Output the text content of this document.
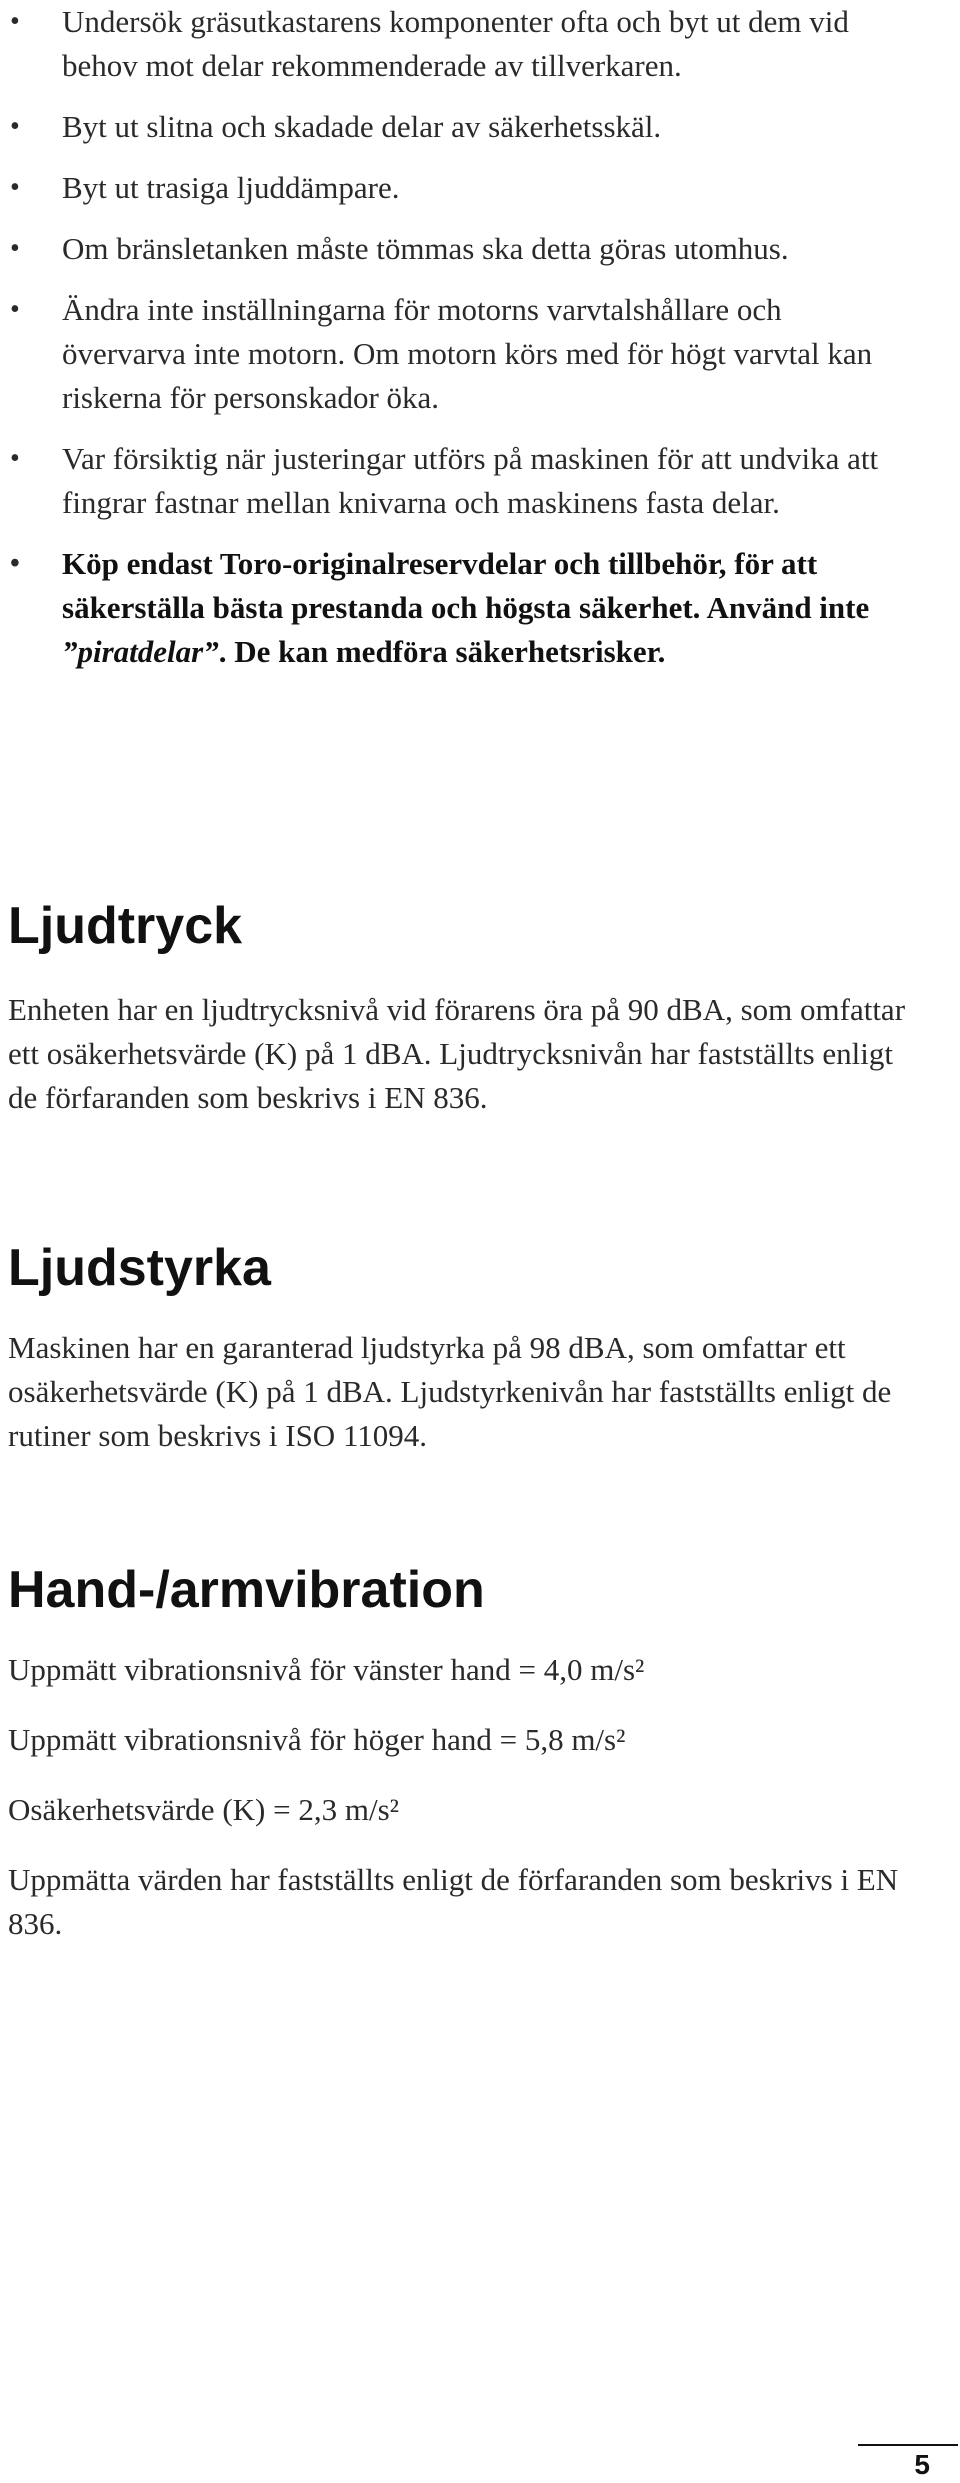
• Undersök gräsutkastarens komponenter ofta och byt ut dem vid behov mot delar rekommenderade av tillverkaren.
• Byt ut slitna och skadade delar av säkerhetsskäl.
• Byt ut trasiga ljuddämpare.
• Om bränsletanken måste tömmas ska detta göras utomhus.
• Ändra inte inställningarna för motorns varvtalshållare och övervarva inte motorn. Om motorn körs med för högt varvtal kan riskerna för personskador öka.
• Var försiktig när justeringar utförs på maskinen för att undvika att fingrar fastnar mellan knivarna och maskinens fasta delar.
• Köp endast Toro-originalreservdelar och tillbehör, för att säkerställa bästa prestanda och högsta säkerhet. Använd inte ”piratdelar”. De kan medföra säkerhetsrisker.
Ljudtryck

Enheten har en ljudtrycksnivå vid förarens öra på 90 dBA, som omfattar ett osäkerhetsvärde (K) på 1 dBA. Ljudtrycksnivån har fastställts enligt de förfaranden som beskrivs i EN 836.

Ljudstyrka

Maskinen har en garanterad ljudstyrka på 98 dBA, som omfattar ett osäkerhetsvärde (K) på 1 dBA. Ljudstyrkenivån har fastställts enligt de rutiner som beskrivs i ISO 11094.

Hand-/armvibration

Uppmätt vibrationsnivå för vänster hand = 4,0 m/s²

Uppmätt vibrationsnivå för höger hand = 5,8 m/s²

Osäkerhetsvärde (K) = 2,3 m/s²

Uppmätta värden har fastställts enligt de förfaranden som beskrivs i EN 836.

5
